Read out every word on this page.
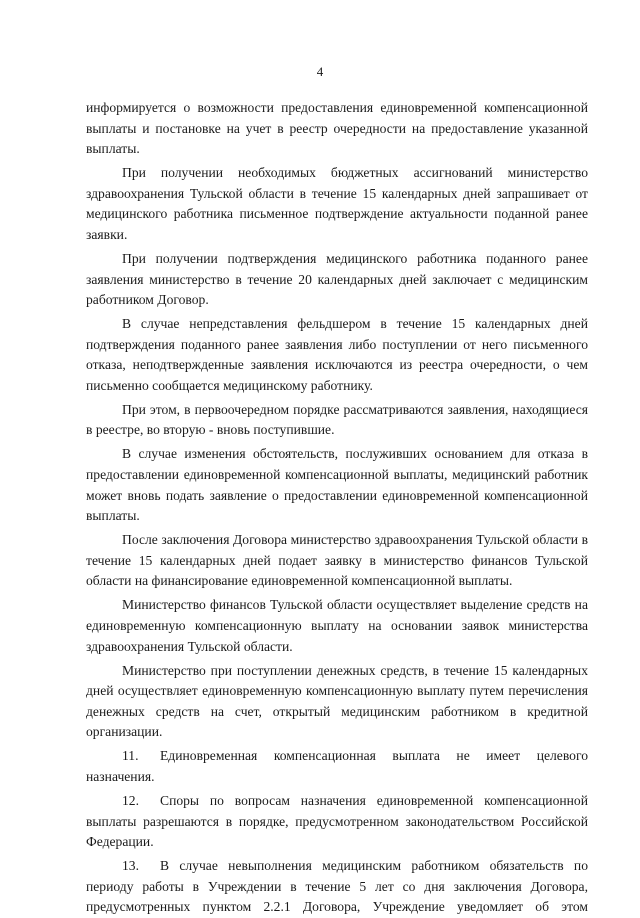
4

информируется о возможности предоставления единовременной компенсационной выплаты и постановке на учет в реестр очередности на предоставление указанной выплаты.

При получении необходимых бюджетных ассигнований министерство здравоохранения Тульской области в течение 15 календарных дней запрашивает от медицинского работника письменное подтверждение актуальности поданной ранее заявки.

При получении подтверждения медицинского работника поданного ранее заявления министерство в течение 20 календарных дней заключает с медицинским работником Договор.

В случае непредставления фельдшером в течение 15 календарных дней подтверждения поданного ранее заявления либо поступлении от него письменного отказа, неподтвержденные заявления исключаются из реестра очередности, о чем письменно сообщается медицинскому работнику.

При этом, в первоочередном порядке рассматриваются заявления, находящиеся в реестре, во вторую - вновь поступившие.

В случае изменения обстоятельств, послуживших основанием для отказа в предоставлении единовременной компенсационной выплаты, медицинский работник может вновь подать заявление о предоставлении единовременной компенсационной выплаты.

После заключения Договора министерство здравоохранения Тульской области в течение 15 календарных дней подает заявку в министерство финансов Тульской области на финансирование единовременной компенсационной выплаты.

Министерство финансов Тульской области осуществляет выделение средств на единовременную компенсационную выплату на основании заявок министерства здравоохранения Тульской области.

Министерство при поступлении денежных средств, в течение 15 календарных дней осуществляет единовременную компенсационную выплату путем перечисления денежных средств на счет, открытый медицинским работником в кредитной организации.

11. Единовременная компенсационная выплата не имеет целевого назначения.

12. Споры по вопросам назначения единовременной компенсационной выплаты разрешаются в порядке, предусмотренном законодательством Российской Федерации.

13. В случае невыполнения медицинским работником обязательств по периоду работы в Учреждении в течение 5 лет со дня заключения Договора, предусмотренных пунктом 2.2.1 Договора, Учреждение уведомляет об этом
